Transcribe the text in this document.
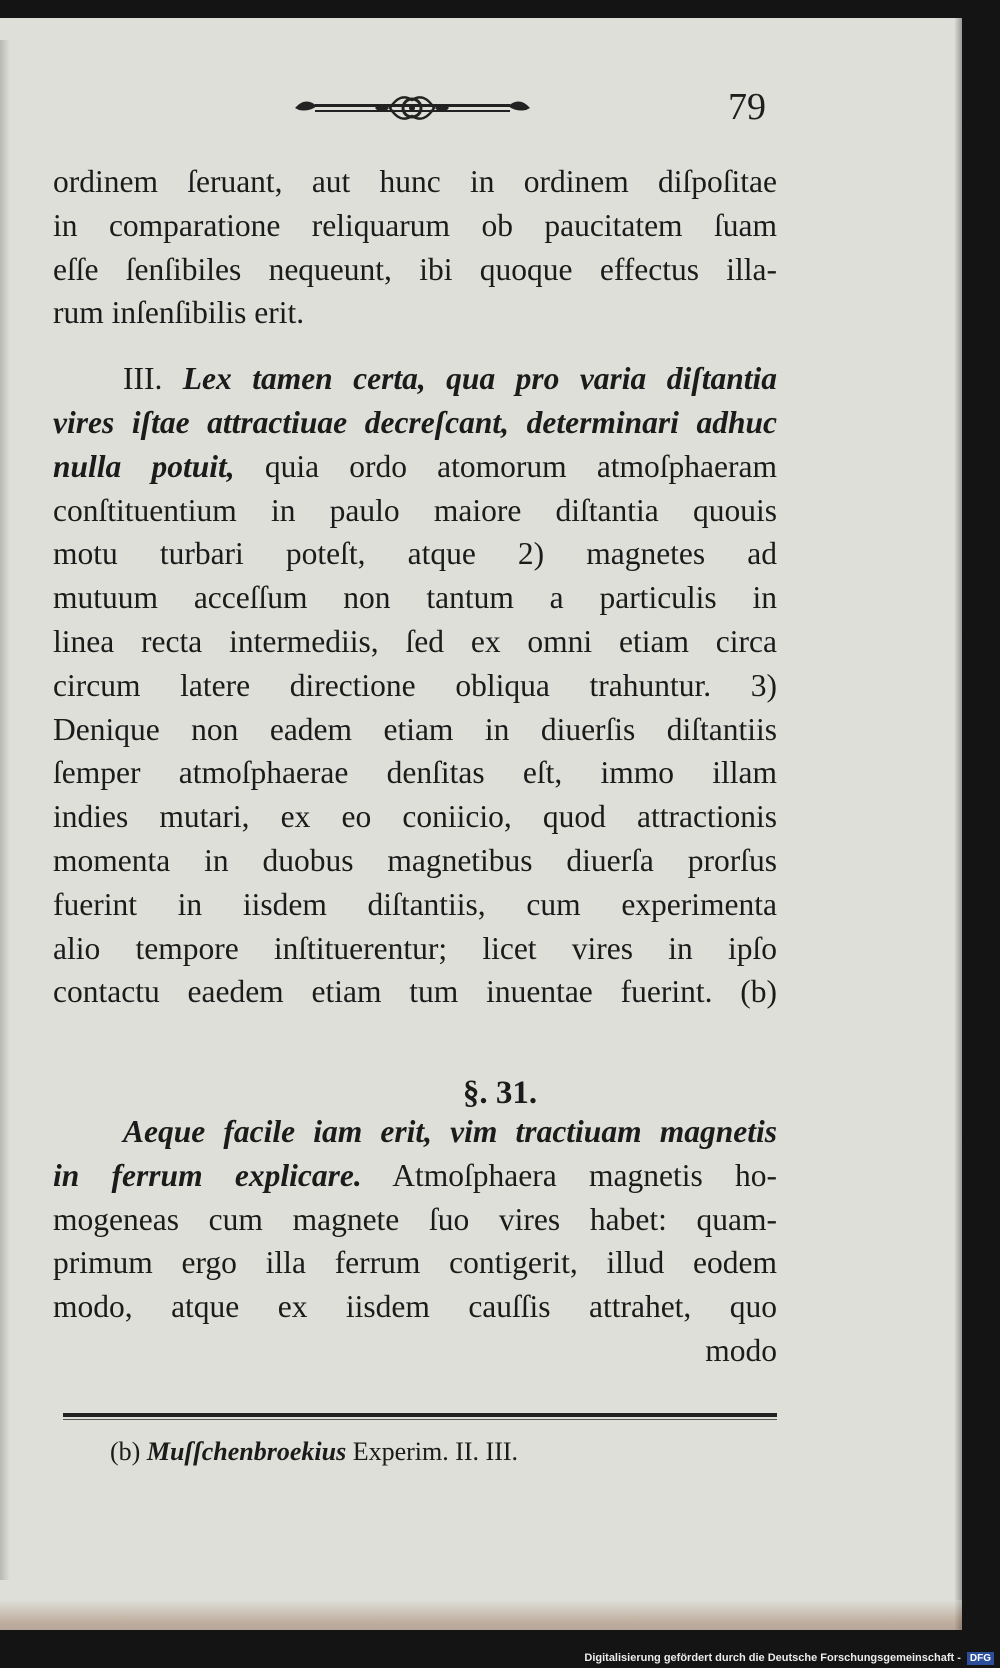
79
ordinem ſeruant, aut hunc in ordinem diſpoſitae
in comparatione reliquarum ob paucitatem ſuam
eſſe ſenſibiles nequeunt, ibi quoque effectus illa-
rum inſenſibilis erit.
III. Lex tamen certa, qua pro varia diſtantia
vires iſtae attractiuae decreſcant, determinari adhuc
nulla potuit, quia ordo atomorum atmoſphaeram
conſtituentium in paulo maiore diſtantia quouis
motu turbari poteſt, atque 2) magnetes ad
mutuum acceſſum non tantum a particulis in
linea recta intermediis, ſed ex omni etiam circa
circum latere directione obliqua trahuntur. 3)
Denique non eadem etiam in diuerſis diſtantiis
ſemper atmoſphaerae denſitas eſt, immo illam
indies mutari, ex eo coniicio, quod attractionis
momenta in duobus magnetibus diuerſa prorſus
fuerint in iisdem diſtantiis, cum experimenta
alio tempore inſtituerentur; licet vires in ipſo
contactu eaedem etiam tum inuentae fuerint. (b)
§. 31.
Aeque facile iam erit, vim tractiuam magnetis
in ferrum explicare. Atmoſphaera magnetis ho-
mogeneas cum magnete ſuo vires habet: quam-
primum ergo illa ferrum contigerit, illud eodem
modo, atque ex iisdem cauſſis attrahet, quo
modo
(b) Muſſchenbroekius Experim. II. III.
Digitalisierung gefördert durch die Deutsche Forschungsgemeinschaft - DFG
